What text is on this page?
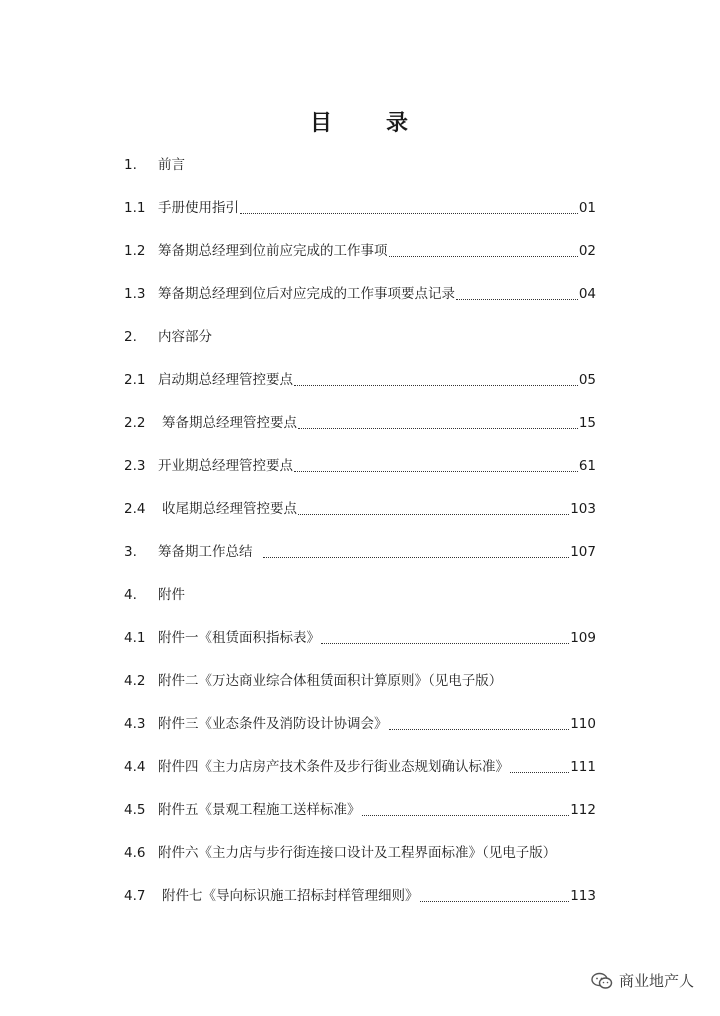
目 录
1.	前言
1.1 手册使用指引	01
1.2 筹备期总经理到位前应完成的工作事项	02
1.3 筹备期总经理到位后对应完成的工作事项要点记录	04
2.	内容部分
2.1 启动期总经理管控要点	05
2.2	筹备期总经理管控要点	15
2.3 开业期总经理管控要点	61
2.4	收尾期总经理管控要点	103
3.	筹备期工作总结	107
4.	附件
4.1 附件一《租赁面积指标表》	109
4.2 附件二《万达商业综合体租赁面积计算原则》（见电子版）
4.3 附件三《业态条件及消防设计协调会》	110
4.4 附件四《主力店房产技术条件及步行街业态规划确认标准》	111
4.5 附件五《景观工程施工送样标准》	112
4.6 附件六《主力店与步行街连接口设计及工程界面标准》（见电子版）
4.7	附件七《导向标识施工招标封样管理细则》	113
商业地产人
